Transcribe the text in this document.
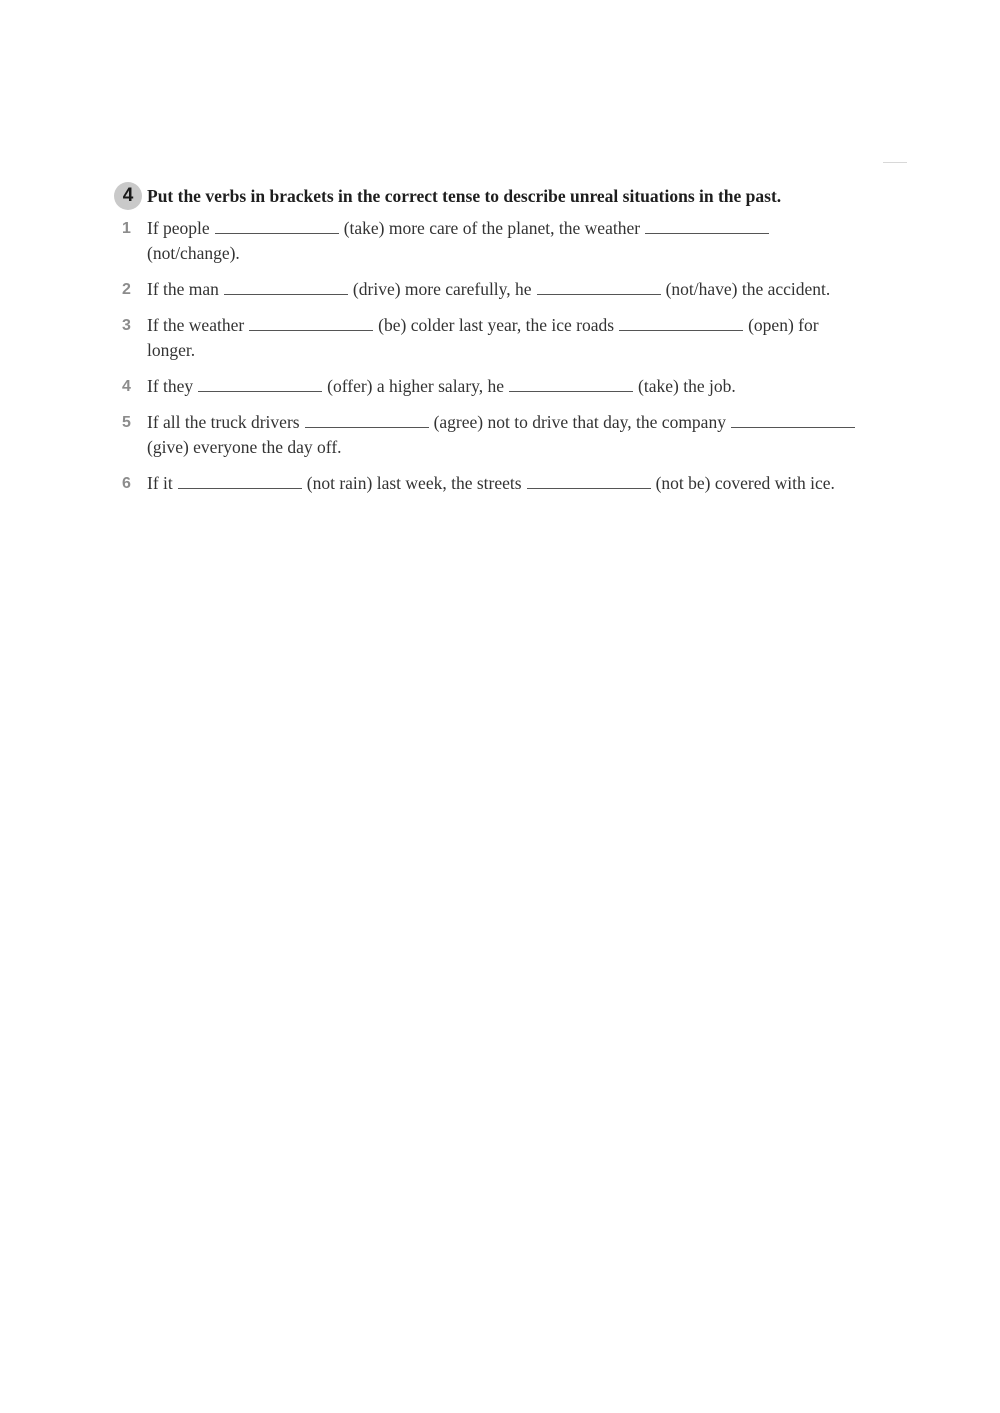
4 Put the verbs in brackets in the correct tense to describe unreal situations in the past.
1 If people	(take) more care of the planet, the weather
(not/change).
2 If the man	(drive) more carefully, he	(not/have) the accident.
3 If the weather	(be) colder last year, the ice roads	(open) for longer.
4 If they	(offer) a higher salary, he	(take) the job.
5 If all the truck drivers	(agree) not to drive that day, the company
(give) everyone the day off.
6 If it	(not rain) last week, the streets	(not be) covered with ice.
